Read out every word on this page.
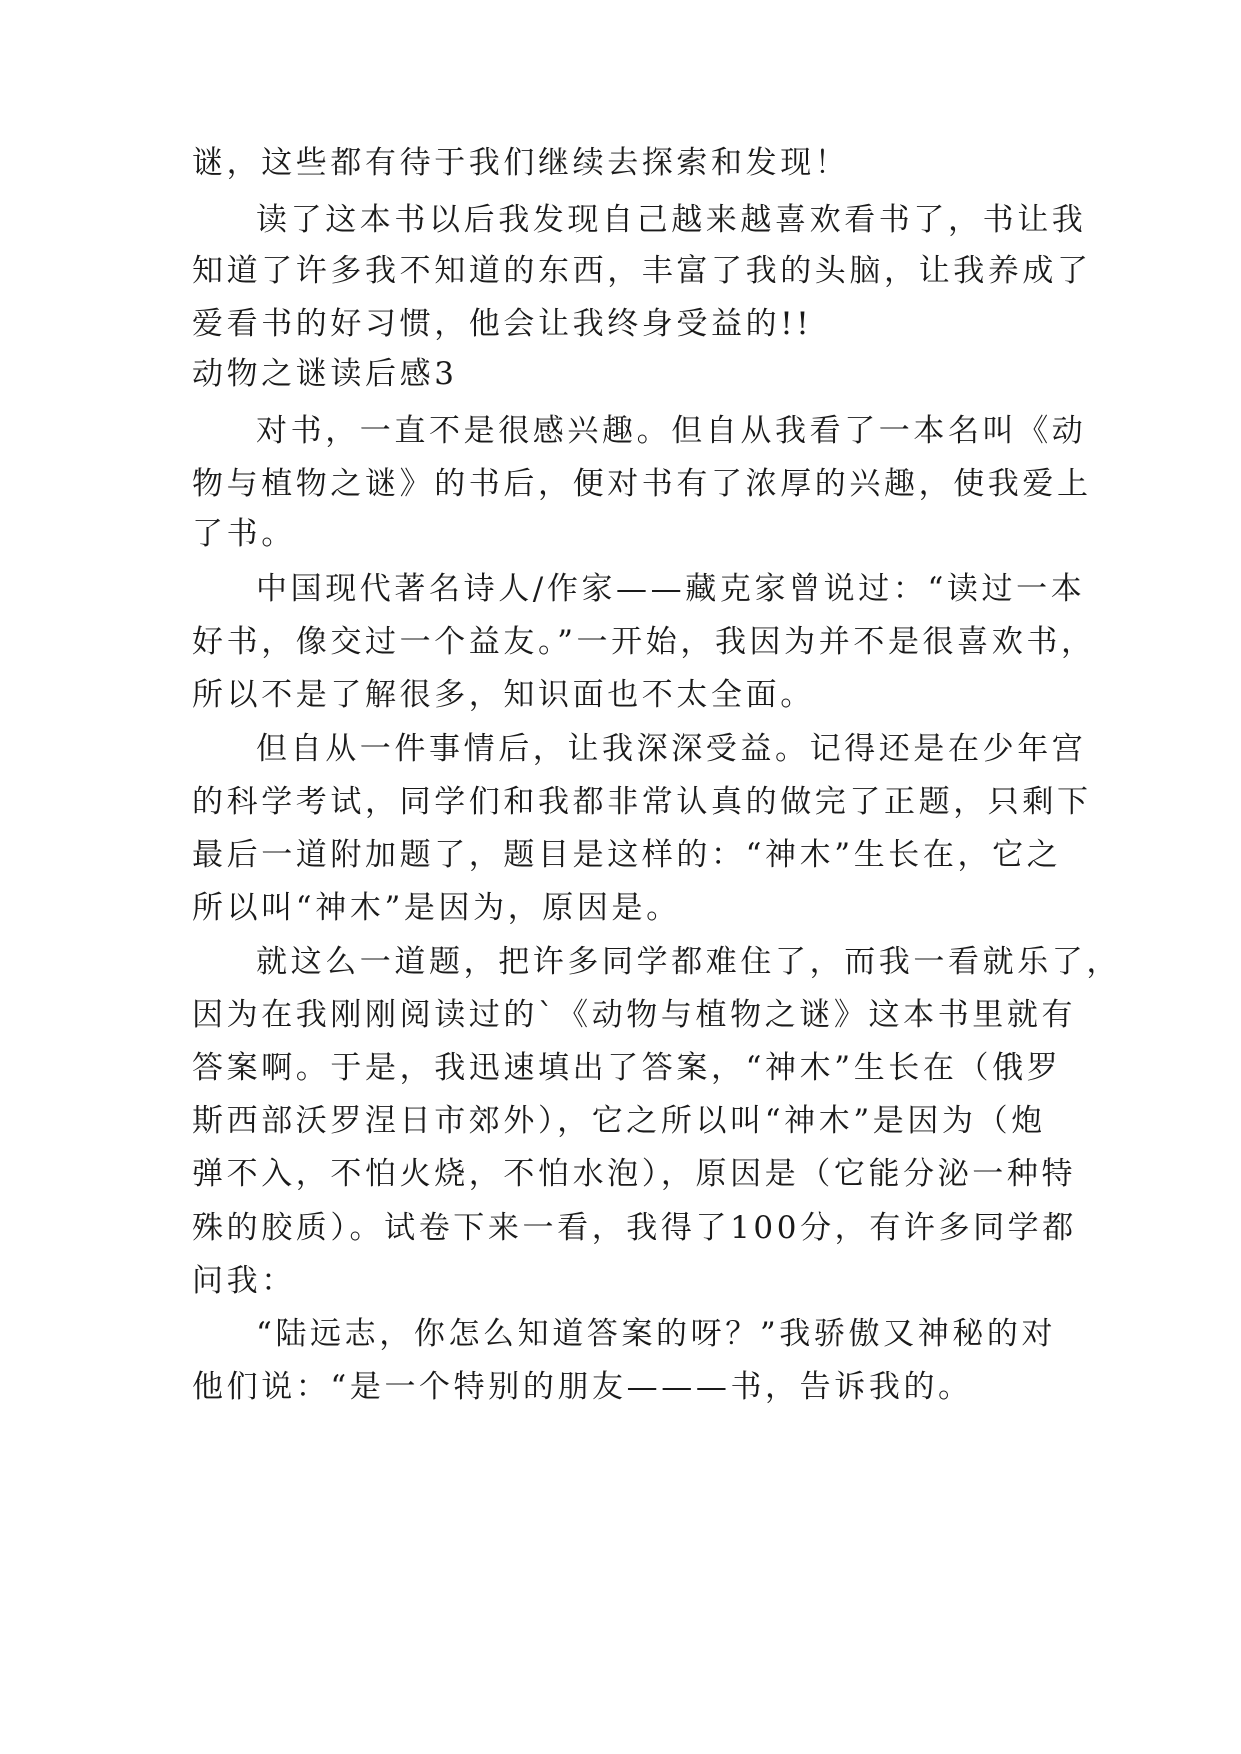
谜，这些都有待于我们继续去探索和发现！

读了这本书以后我发现自己越来越喜欢看书了，书让我

知道了许多我不知道的东西，丰富了我的头脑，让我养成了

爱看书的好习惯，他会让我终身受益的!!

动物之谜读后感3

对书，一直不是很感兴趣。但自从我看了一本名叫《动

物与植物之谜》的书后，便对书有了浓厚的兴趣，使我爱上

了书。

中国现代著名诗人/作家——藏克家曾说过：“读过一本

好书，像交过一个益友。”一开始，我因为并不是很喜欢书，

所以不是了解很多，知识面也不太全面。

但自从一件事情后，让我深深受益。记得还是在少年宫

的科学考试，同学们和我都非常认真的做完了正题，只剩下

最后一道附加题了，题目是这样的：“神木”生长在，它之

所以叫“神木”是因为，原因是。

就这么一道题，把许多同学都难住了，而我一看就乐了，

因为在我刚刚阅读过的`《动物与植物之谜》这本书里就有

答案啊。于是，我迅速填出了答案，“神木”生长在（俄罗

斯西部沃罗涅日市郊外），它之所以叫“神木”是因为（炮

弹不入，不怕火烧，不怕水泡），原因是（它能分泌一种特

殊的胶质）。试卷下来一看，我得了100分，有许多同学都

问我：

“陆远志，你怎么知道答案的呀？”我骄傲又神秘的对

他们说：“是一个特别的朋友———书，告诉我的。
